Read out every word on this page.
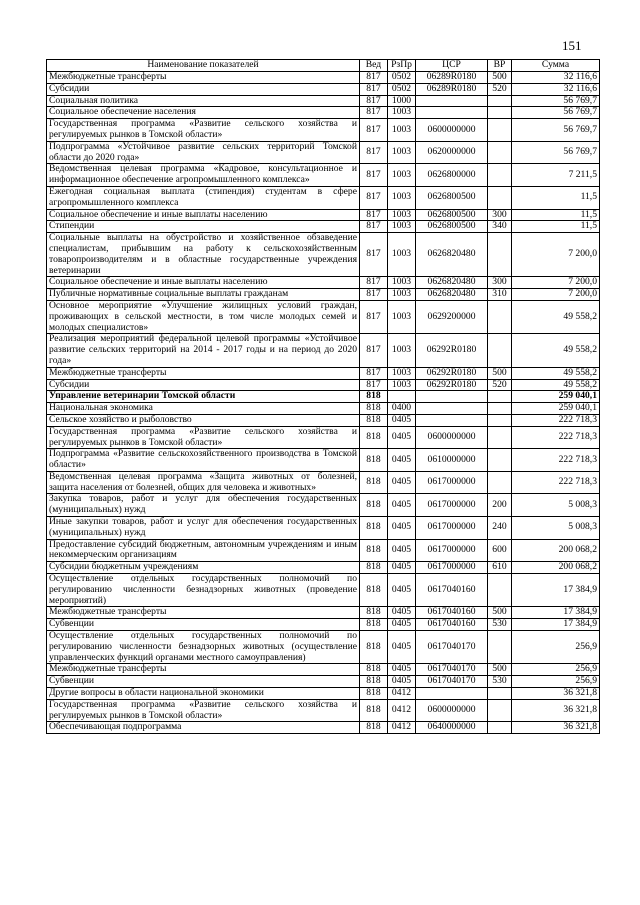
151
Наименование показателей	Вед	РзПр	ЦСР	ВР	Сумма
Межбюджетные трансферты	817	0502	06289R0180	500	32 116,6
Субсидии	817	0502	06289R0180	520	32 116,6
Социальная политика	817	1000			56 769,7
Социальное обеспечение населения	817	1003			56 769,7
Государственная программа «Развитие сельского хозяйства и регулируемых рынков в Томской области»	817	1003	0600000000		56 769,7
Подпрограмма «Устойчивое развитие сельских территорий Томской области до 2020 года»	817	1003	0620000000		56 769,7
Ведомственная целевая программа «Кадровое, консультационное и информационное обеспечение агропромышленного комплекса»	817	1003	0626800000		7 211,5
Ежегодная социальная выплата (стипендия) студентам в сфере агропромышленного комплекса	817	1003	0626800500		11,5
Социальное обеспечение и иные выплаты населению	817	1003	0626800500	300	11,5
Стипендии	817	1003	0626800500	340	11,5
Социальные выплаты на обустройство и хозяйственное обзаведение специалистам, прибывшим на работу к сельскохозяйственным товаропроизводителям и в областные государственные учреждения ветеринарии	817	1003	0626820480		7 200,0
Социальное обеспечение и иные выплаты населению	817	1003	0626820480	300	7 200,0
Публичные нормативные социальные выплаты гражданам	817	1003	0626820480	310	7 200,0
Основное мероприятие «Улучшение жилищных условий граждан, проживающих в сельской местности, в том числе молодых семей и молодых специалистов»	817	1003	0629200000		49 558,2
Реализация мероприятий федеральной целевой программы «Устойчивое развитие сельских территорий на 2014 - 2017 годы и на период до 2020 года»	817	1003	06292R0180		49 558,2
Межбюджетные трансферты	817	1003	06292R0180	500	49 558,2
Субсидии	817	1003	06292R0180	520	49 558,2
Управление ветеринарии Томской области	818				259 040,1
Национальная экономика	818	0400			259 040,1
Сельское хозяйство и рыболовство	818	0405			222 718,3
Государственная программа «Развитие сельского хозяйства и регулируемых рынков в Томской области»	818	0405	0600000000		222 718,3
Подпрограмма «Развитие сельскохозяйственного производства в Томской области»	818	0405	0610000000		222 718,3
Ведомственная целевая программа «Защита животных от болезней, защита населения от болезней, общих для человека и животных»	818	0405	0617000000		222 718,3
Закупка товаров, работ и услуг для обеспечения государственных (муниципальных) нужд	818	0405	0617000000	200	5 008,3
Иные закупки товаров, работ и услуг для обеспечения государственных (муниципальных) нужд	818	0405	0617000000	240	5 008,3
Предоставление субсидий бюджетным, автономным учреждениям и иным некоммерческим организациям	818	0405	0617000000	600	200 068,2
Субсидии бюджетным учреждениям	818	0405	0617000000	610	200 068,2
Осуществление отдельных государственных полномочий по регулированию численности безнадзорных животных (проведение мероприятий)	818	0405	0617040160		17 384,9
Межбюджетные трансферты	818	0405	0617040160	500	17 384,9
Субвенции	818	0405	0617040160	530	17 384,9
Осуществление отдельных государственных полномочий по регулированию численности безнадзорных животных (осуществление управленческих функций органами местного самоуправления)	818	0405	0617040170		256,9
Межбюджетные трансферты	818	0405	0617040170	500	256,9
Субвенции	818	0405	0617040170	530	256,9
Другие вопросы в области национальной экономики	818	0412			36 321,8
Государственная программа «Развитие сельского хозяйства и регулируемых рынков в Томской области»	818	0412	0600000000		36 321,8
Обеспечивающая подпрограмма	818	0412	0640000000		36 321,8
